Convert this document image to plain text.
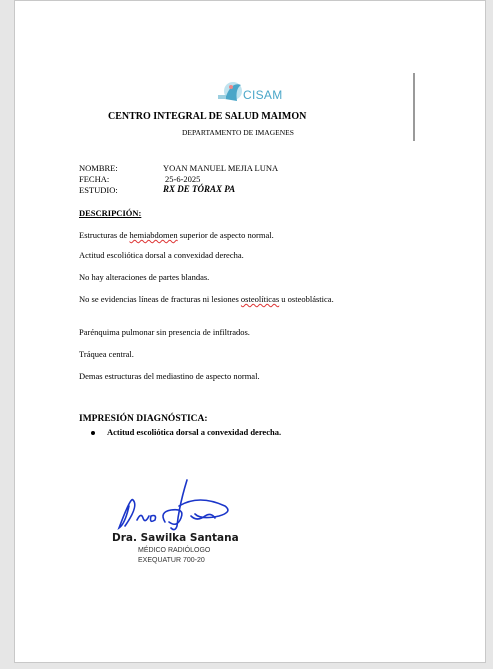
CISAM
CENTRO INTEGRAL DE SALUD MAIMON
DEPARTAMENTO DE IMAGENES
NOMBRE:	YOAN MANUEL MEJIA LUNA
FECHA:	25-6-2025
ESTUDIO:	RX DE TÓRAX PA
DESCRIPCIÓN:
Estructuras de hemiabdomen superior de aspecto normal.
Actitud escoliótica dorsal a convexidad derecha.
No hay alteraciones de partes blandas.
No se evidencias líneas de fracturas ni lesiones osteolíticas u osteoblástica.
Parénquima pulmonar sin presencia de infiltrados.
Tráquea central.
Demas estructuras del mediastino de aspecto normal.
IMPRESIÓN DIAGNÓSTICA:
Actitud escoliótica dorsal a convexidad derecha.
Dra. Sawilka Santana
MÉDICO RADIÓLOGO
EXEQUATUR 700-20
